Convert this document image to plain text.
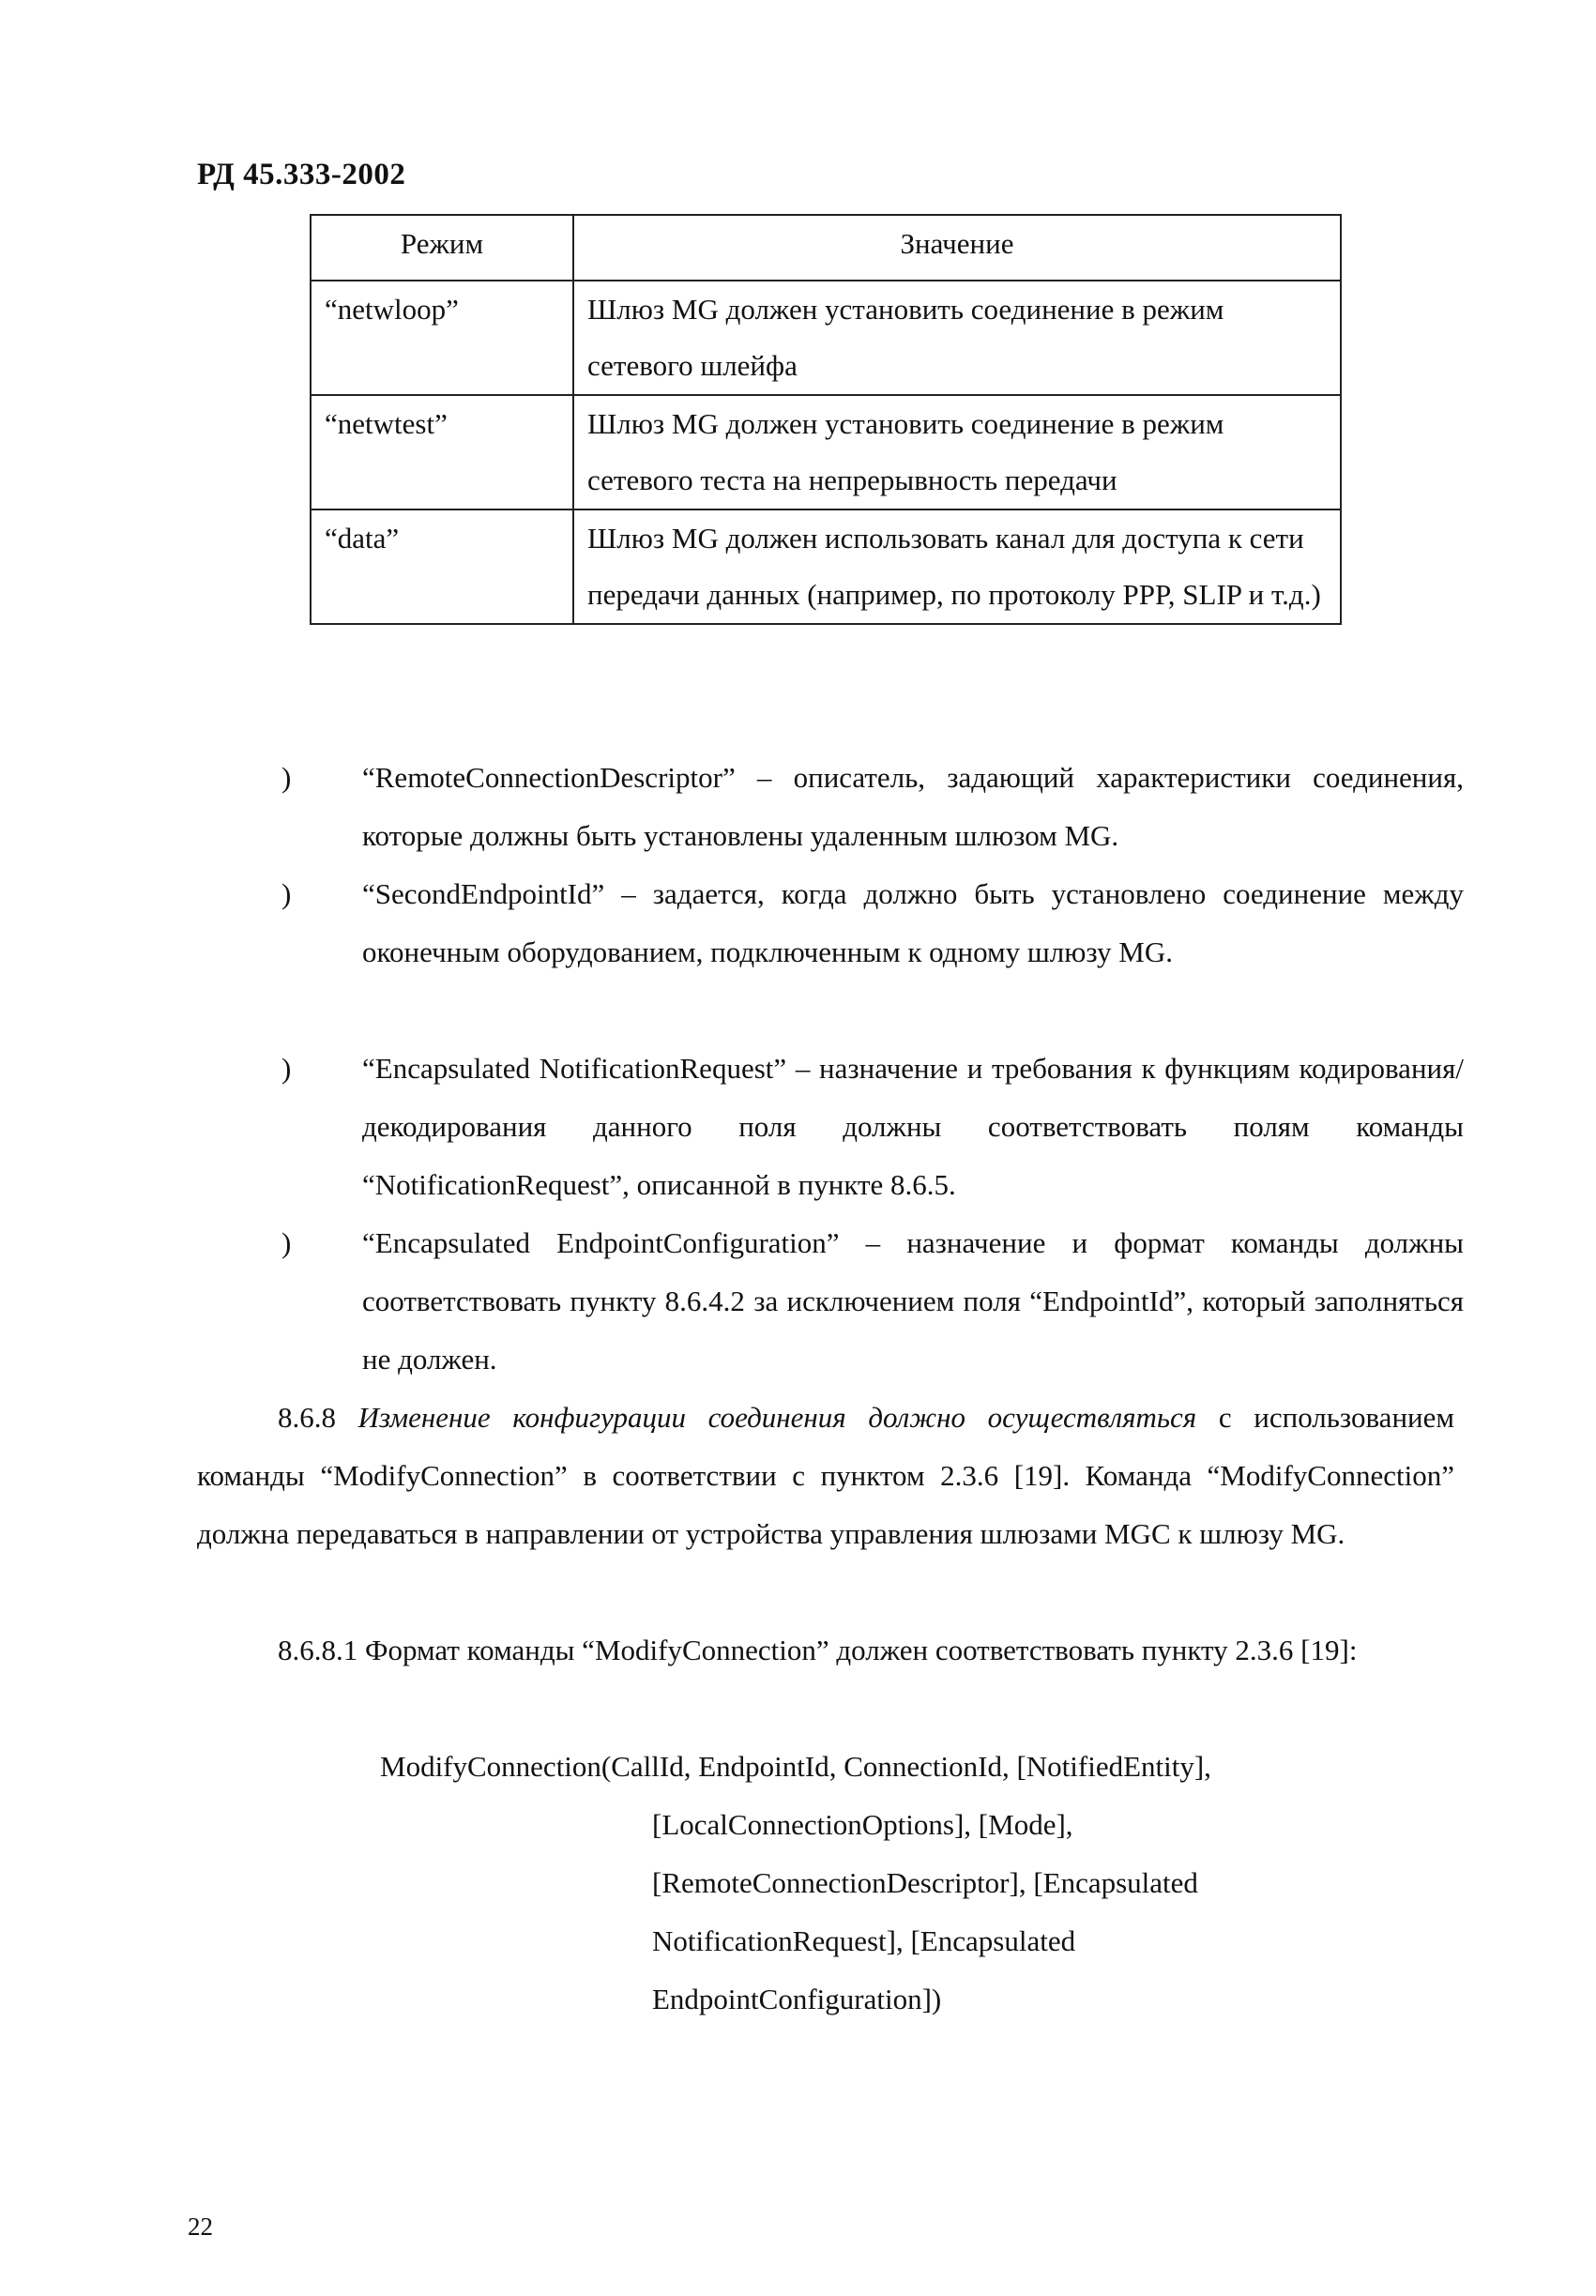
РД 45.333-2002
Режим	Значение
“netwloop”	Шлюз MG должен установить соединение в режим сетевого шлейфа
“netwtest”	Шлюз MG должен установить соединение в режим сетевого теста на непрерывность передачи
“data”	Шлюз MG должен использовать канал для доступа к сети передачи данных (например, по протоколу PPP, SLIP и т.д.)
) “RemoteConnectionDescriptor” – описатель, задающий характеристики соединения, которые должны быть установлены удаленным шлюзом MG.
) “SecondEndpointId” – задается, когда должно быть установлено соединение между оконечным оборудованием, подключенным к одному шлюзу MG.
) “Encapsulated NotificationRequest” – назначение и требования к функциям кодирования/декодирования данного поля должны соответствовать полям команды “NotificationRequest”, описанной в пункте 8.6.5.
) “Encapsulated EndpointConfiguration” – назначение и формат команды должны соответствовать пункту 8.6.4.2 за исключением поля “EndpointId”, который заполняться не должен.
8.6.8 Изменение конфигурации соединения должно осуществляться с использованием команды “ModifyConnection” в соответствии с пунктом 2.3.6 [19]. Команда “ModifyConnection” должна передаваться в направлении от устройства управления шлюзами MGC к шлюзу MG.
8.6.8.1 Формат команды “ModifyConnection” должен соответствовать пункту 2.3.6 [19]:
ModifyConnection(CallId, EndpointId, ConnectionId, [NotifiedEntity],
[LocalConnectionOptions], [Mode],
[RemoteConnectionDescriptor], [Encapsulated
NotificationRequest], [Encapsulated
EndpointConfiguration])
22
